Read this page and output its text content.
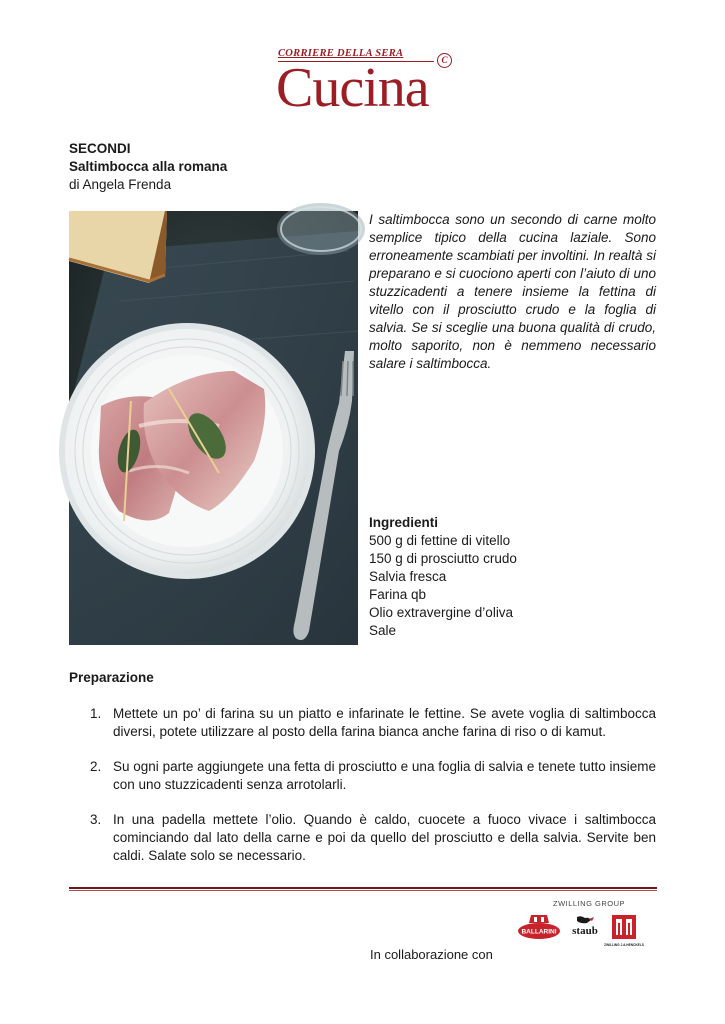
CORRIERE DELLA SERA
C
Cucina
SECONDI
Saltimbocca alla romana
di Angela Frenda

I saltimbocca sono un secondo di carne molto semplice tipico della cucina laziale. Sono erroneamente scambiati per involtini. In realtà si preparano e si cuociono aperti con l’aiuto di uno stuzzicadenti a tenere insieme la fettina di vitello con il prosciutto crudo e la foglia di salvia. Se si sceglie una buona qualità di crudo, molto saporito, non è nemmeno necessario salare i saltimbocca.

Ingredienti
500 g di fettine di vitello
150 g di prosciutto crudo
Salvia fresca
Farina qb
Olio extravergine d’oliva
Sale
Preparazione
1. Mettete un po’ di farina su un piatto e infarinate le fettine. Se avete voglia di saltimbocca diversi, potete utilizzare al posto della farina bianca anche farina di riso o di kamut.
2. Su ogni parte aggiungete una fetta di prosciutto e una foglia di salvia e tenete tutto insieme con uno stuzzicadenti senza arrotolarli.
3. In una padella mettete l’olio. Quando è caldo, cuocete a fuoco vivace i saltimbocca cominciando dal lato della carne e poi da quello del prosciutto e della salvia. Servite ben caldi. Salate solo se necessario.
ZWILLING GROUP
BALLARINI staub
ZWILLING J.A.HENCKELS
In collaborazione con
